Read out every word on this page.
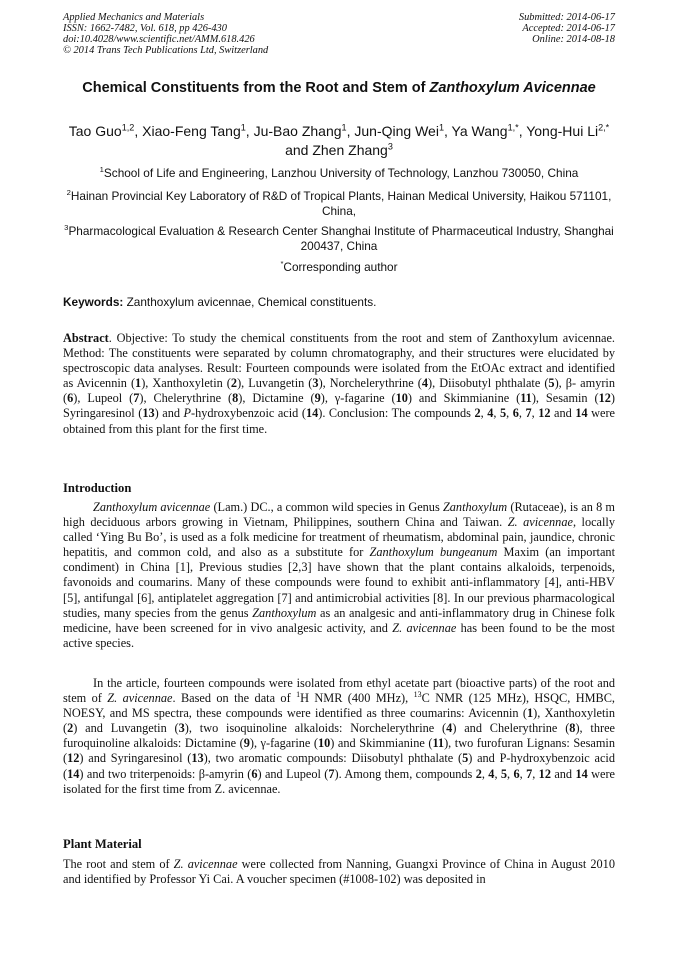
Applied Mechanics and Materials
ISSN: 1662-7482, Vol. 618, pp 426-430
doi:10.4028/www.scientific.net/AMM.618.426
© 2014 Trans Tech Publications Ltd, Switzerland
Submitted: 2014-06-17
Accepted: 2014-06-17
Online: 2014-08-18
Chemical Constituents from the Root and Stem of Zanthoxylum Avicennae
Tao Guo$^{1,2}$, Xiao-Feng Tang$^1$, Ju-Bao Zhang$^1$, Jun-Qing Wei$^1$, Ya Wang$^{1,*}$, Yong-Hui $Li^{2,*}$ and Zhen Zhang$^3$
$^1$School of Life and Engineering, Lanzhou University of Technology, Lanzhou 730050, China
$^2$Hainan Provincial Key Laboratory of R&D of Tropical Plants, Hainan Medical University, Haikou 571101, China,
$^3$Pharmacological Evaluation & Research Center Shanghai Institute of Pharmaceutical Industry, Shanghai 200437, China
*Corresponding author
Keywords: Zanthoxylum avicennae, Chemical constituents.
Abstract. Objective: To study the chemical constituents from the root and stem of Zanthoxylum avicennae. Method: The constituents were separated by column chromatography, and their structures were elucidated by spectroscopic data analyses. Result: Fourteen compounds were isolated from the EtOAc extract and identified as Avicennin (1), Xanthoxyletin (2), Luvangetin (3), Norchelerythrine (4), Diisobutyl phthalate (5), β- amyrin (6), Lupeol (7), Chelerythrine (8), Dictamine (9), γ-fagarine (10) and Skimmianine (11), Sesamin (12) Syringaresinol (13) and P-hydroxybenzoic acid (14). Conclusion: The compounds 2, 4, 5, 6, 7, 12 and 14 were obtained from this plant for the first time.
Introduction
Zanthoxylum avicennae (Lam.) DC., a common wild species in Genus Zanthoxylum (Rutaceae), is an 8 m high deciduous arbors growing in Vietnam, Philippines, southern China and Taiwan. Z. avicennae, locally called ‘Ying Bu Bo’, is used as a folk medicine for treatment of rheumatism, abdominal pain, jaundice, chronic hepatitis, and common cold, and also as a substitute for Zanthoxylum bungeanum Maxim (an important condiment) in China [1], Previous studies [2,3] have shown that the plant contains alkaloids, terpenoids, favonoids and coumarins. Many of these compounds were found to exhibit anti-inflammatory [4], anti-HBV [5], antifungal [6], antiplatelet aggregation [7] and antimicrobial activities [8]. In our previous pharmacological studies, many species from the genus Zanthoxylum as an analgesic and anti-inflammatory drug in Chinese folk medicine, have been screened for in vivo analgesic activity, and Z. avicennae has been found to be the most active species.
In the article, fourteen compounds were isolated from ethyl acetate part (bioactive parts) of the root and stem of Z. avicennae. Based on the data of $^1$H NMR (400 MHz), $^{13}$C NMR (125 MHz), HSQC, HMBC, NOESY, and MS spectra, these compounds were identified as three coumarins: Avicennin (1), Xanthoxyletin (2) and Luvangetin (3), two isoquinoline alkaloids: Norchelerythrine (4) and Chelerythrine (8), three furoquinoline alkaloids: Dictamine (9), γ-fagarine (10) and Skimmianine (11), two furofuran Lignans: Sesamin (12) and Syringaresinol (13), two aromatic compounds: Diisobutyl phthalate (5) and P-hydroxybenzoic acid (14) and two triterpenoids: β-amyrin (6) and Lupeol (7). Among them, compounds 2, 4, 5, 6, 7, 12 and 14 were isolated for the first time from Z. avicennae.
Plant Material
The root and stem of Z. avicennae were collected from Nanning, Guangxi Province of China in August 2010 and identified by Professor Yi Cai. A voucher specimen (#1008-102) was deposited in
